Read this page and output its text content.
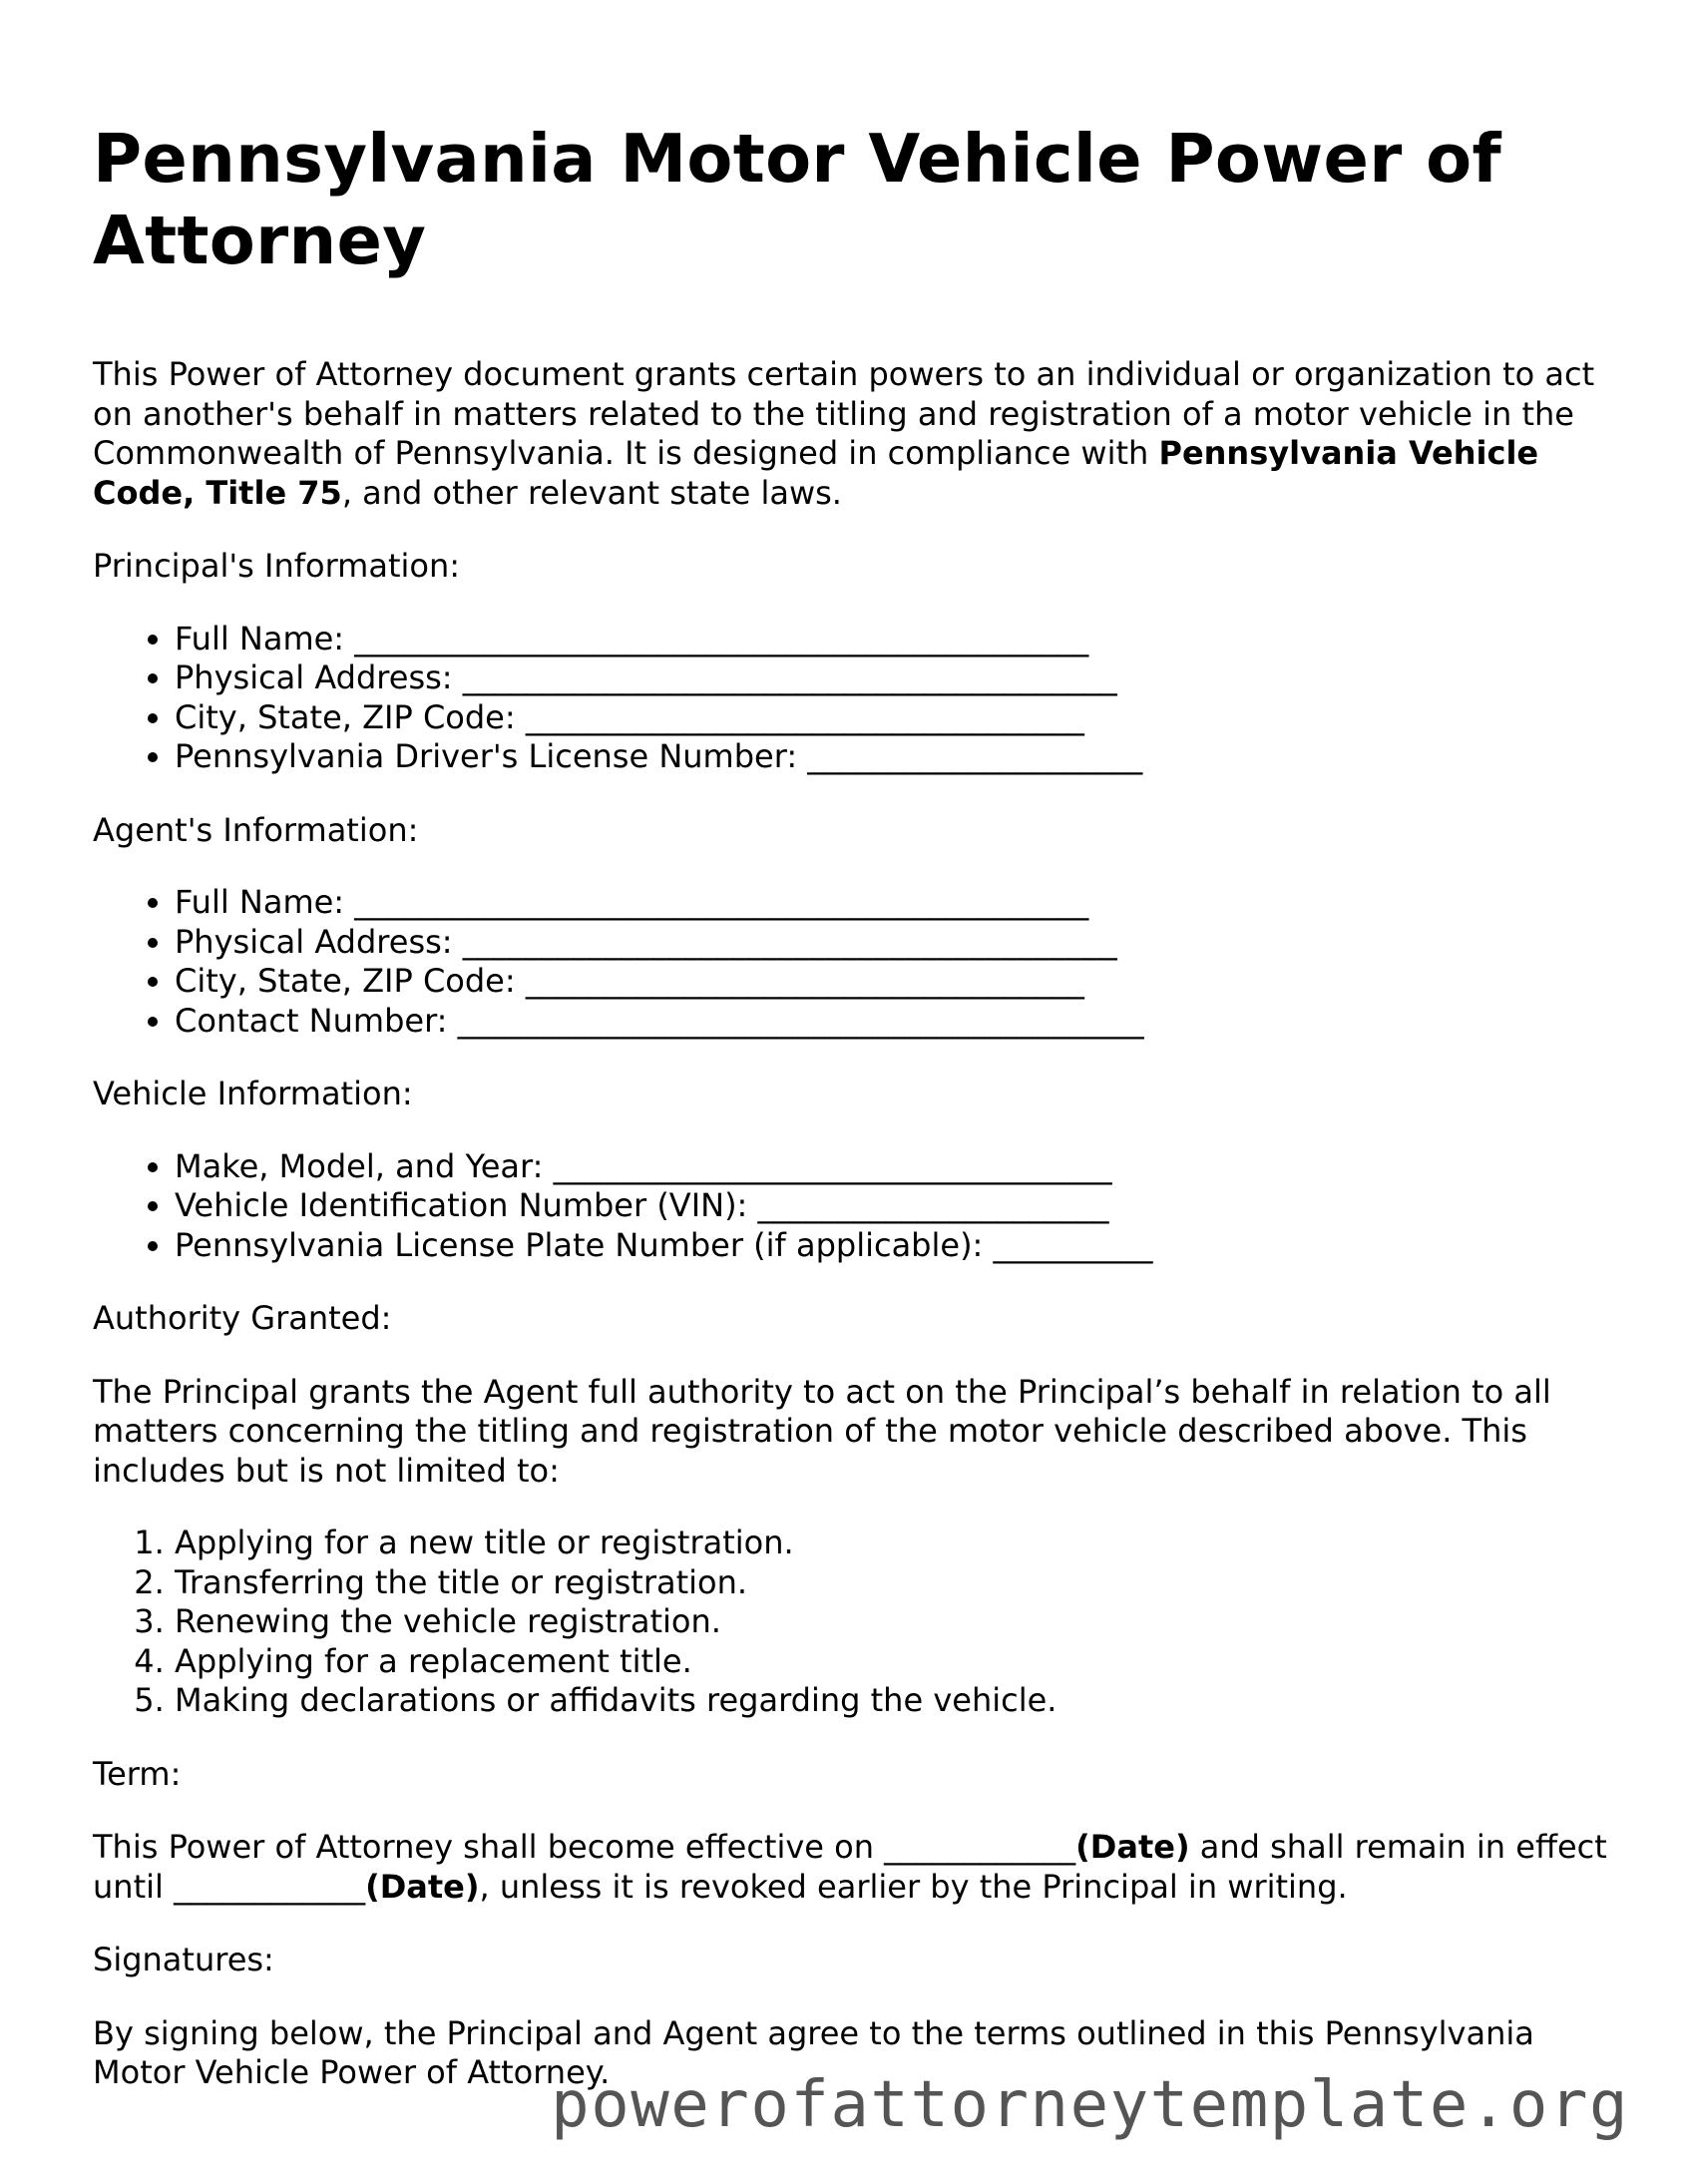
Pennsylvania Motor Vehicle Power of Attorney

This Power of Attorney document grants certain powers to an individual or organization to act on another's behalf in matters related to the titling and registration of a motor vehicle in the Commonwealth of Pennsylvania. It is designed in compliance with Pennsylvania Vehicle Code, Title 75, and other relevant state laws.

Principal's Information:

• Full Name: ______________________________________________
• Physical Address: _________________________________________
• City, State, ZIP Code: ___________________________________
• Pennsylvania Driver's License Number: _____________________

Agent's Information:

• Full Name: ______________________________________________
• Physical Address: _________________________________________
• City, State, ZIP Code: ___________________________________
• Contact Number: ___________________________________________

Vehicle Information:

• Make, Model, and Year: ___________________________________
• Vehicle Identification Number (VIN): ______________________
• Pennsylvania License Plate Number (if applicable): __________

Authority Granted:

The Principal grants the Agent full authority to act on the Principal’s behalf in relation to all matters concerning the titling and registration of the motor vehicle described above. This includes but is not limited to:

1. Applying for a new title or registration.
2. Transferring the title or registration.
3. Renewing the vehicle registration.
4. Applying for a replacement title.
5. Making declarations or affidavits regarding the vehicle.

Term:

This Power of Attorney shall become effective on ____________(Date) and shall remain in effect until ____________(Date), unless it is revoked earlier by the Principal in writing.

Signatures:

By signing below, the Principal and Agent agree to the terms outlined in this Pennsylvania Motor Vehicle Power of Attorney.

powerofattorneytemplate.org
